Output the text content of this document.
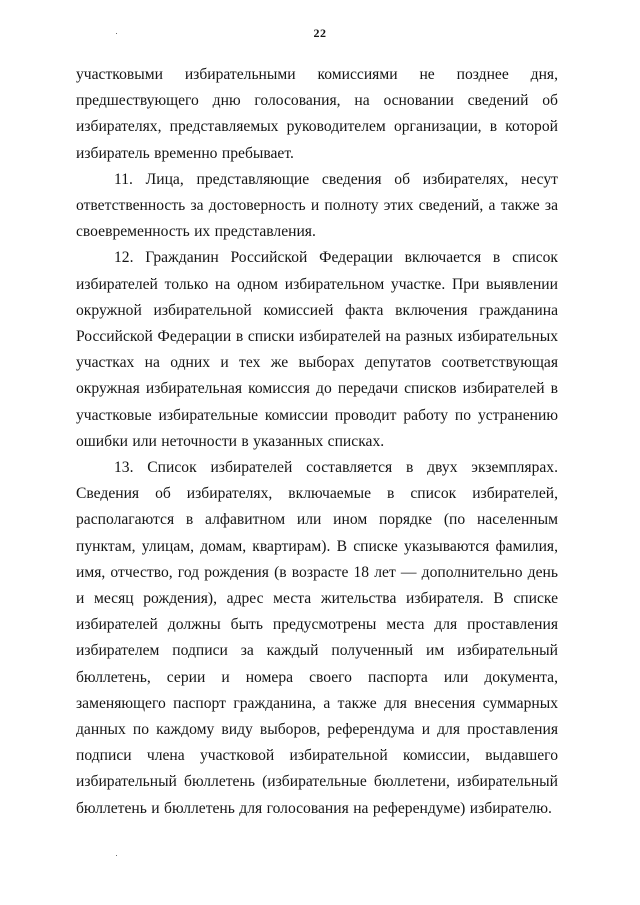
22

участковыми избирательными комиссиями не позднее дня, предшествующего дню голосования, на основании сведений об избирателях, представляемых руководителем организации, в которой избиратель временно пребывает.

11. Лица, представляющие сведения об избирателях, несут ответственность за достоверность и полноту этих сведений, а также за своевременность их представления.

12. Гражданин Российской Федерации включается в список избирателей только на одном избирательном участке. При выявлении окружной избирательной комиссией факта включения гражданина Российской Федерации в списки избирателей на разных избирательных участках на одних и тех же выборах депутатов соответствующая окружная избирательная комиссия до передачи списков избирателей в участковые избирательные комиссии проводит работу по устранению ошибки или неточности в указанных списках.

13. Список избирателей составляется в двух экземплярах. Сведения об избирателях, включаемые в список избирателей, располагаются в алфавитном или ином порядке (по населенным пунктам, улицам, домам, квартирам). В списке указываются фамилия, имя, отчество, год рождения (в возрасте 18 лет — дополнительно день и месяц рождения), адрес места жительства избирателя. В списке избирателей должны быть предусмотрены места для проставления избирателем подписи за каждый полученный им избирательный бюллетень, серии и номера своего паспорта или документа, заменяющего паспорт гражданина, а также для внесения суммарных данных по каждому виду выборов, референдума и для проставления подписи члена участковой избирательной комиссии, выдавшего избирательный бюллетень (избирательные бюллетени, избирательный бюллетень и бюллетень для голосования на референдуме) избирателю.
